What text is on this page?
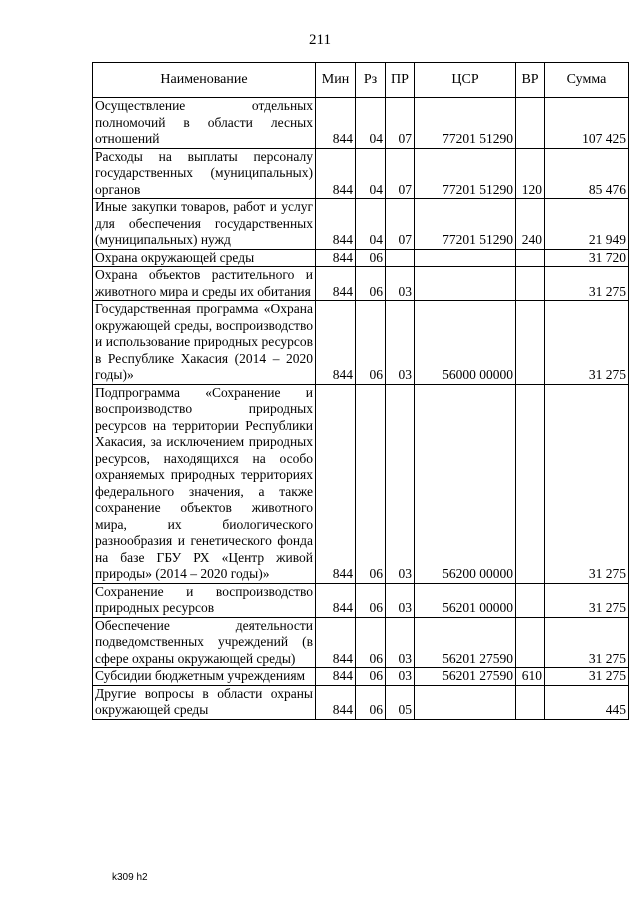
211
Наименование	Мин	Рз	ПР	ЦСР	ВР	Сумма
Осуществление отдельных полномочий в области лесных отношений	844	04	07	77201 51290		107 425
Расходы на выплаты персоналу государственных (муниципальных) органов	844	04	07	77201 51290	120	85 476
Иные закупки товаров, работ и услуг для обеспечения государственных (муниципальных) нужд	844	04	07	77201 51290	240	21 949
Охрана окружающей среды	844	06				31 720
Охрана объектов растительного и животного мира и среды их обитания	844	06	03			31 275
Государственная программа «Охрана окружающей среды, воспроизводство и использование природных ресурсов в Республике Хакасия (2014 – 2020 годы)»	844	06	03	56000 00000		31 275
Подпрограмма «Сохранение и воспроизводство природных ресурсов на территории Республики Хакасия, за исключением природных ресурсов, находящихся на особо охраняемых природных территориях федерального значения, а также сохранение объектов животного мира, их биологического разнообразия и генетического фонда на базе ГБУ РХ «Центр живой природы» (2014 – 2020 годы)»	844	06	03	56200 00000		31 275
Сохранение и воспроизводство природных ресурсов	844	06	03	56201 00000		31 275
Обеспечение деятельности подведомственных учреждений (в сфере охраны окружающей среды)	844	06	03	56201 27590		31 275
Субсидии бюджетным учреждениям	844	06	03	56201 27590	610	31 275
Другие вопросы в области охраны окружающей среды	844	06	05			445
k309 h2
